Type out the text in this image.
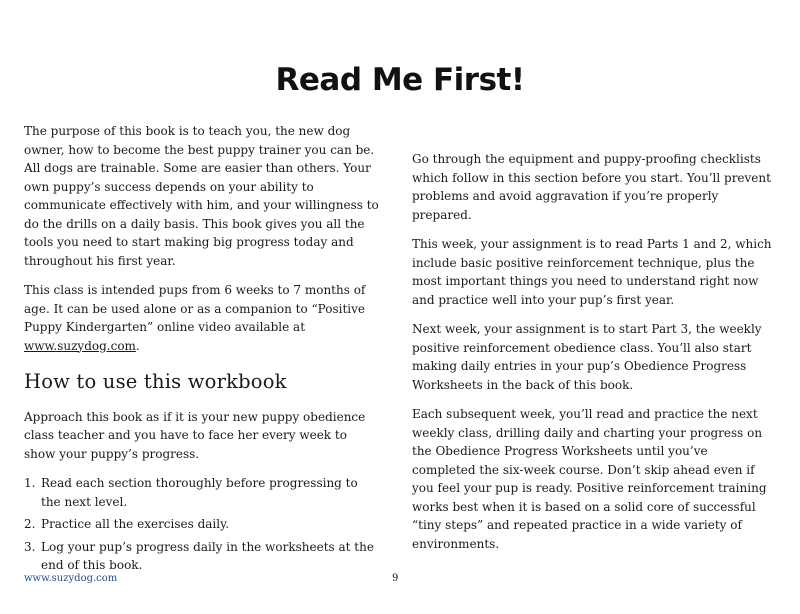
Read Me First!

The purpose of this book is to teach you, the new dog owner, how to become the best puppy trainer you can be. All dogs are trainable. Some are easier than others. Your own puppy’s success depends on your ability to communicate effectively with him, and your willingness to do the drills on a daily basis. This book gives you all the tools you need to start making big progress today and throughout his first year.

This class is intended pups from 6 weeks to 7 months of age. It can be used alone or as a companion to “Positive Puppy Kindergarten” online video available at www.suzydog.com.

How to use this workbook

Approach this book as if it is your new puppy obedience class teacher and you have to face her every week to show your puppy’s progress.

1. Read each section thoroughly before progressing to the next level.
2. Practice all the exercises daily.
3. Log your pup’s progress daily in the worksheets at the end of this book.

Go through the equipment and puppy-proofing checklists which follow in this section before you start. You’ll prevent problems and avoid aggravation if you’re properly prepared.

This week, your assignment is to read Parts 1 and 2, which include basic positive reinforcement technique, plus the most important things you need to understand right now and practice well into your pup’s first year.

Next week, your assignment is to start Part 3, the weekly positive reinforcement obedience class. You’ll also start making daily entries in your pup’s Obedience Progress Worksheets in the back of this book.

Each subsequent week, you’ll read and practice the next weekly class, drilling daily and charting your progress on the Obedience Progress Worksheets until you’ve completed the six-week course. Don’t skip ahead even if you feel your pup is ready. Positive reinforcement training works best when it is based on a solid core of successful “tiny steps” and repeated practice in a wide variety of environments.

www.suzydog.com	9
